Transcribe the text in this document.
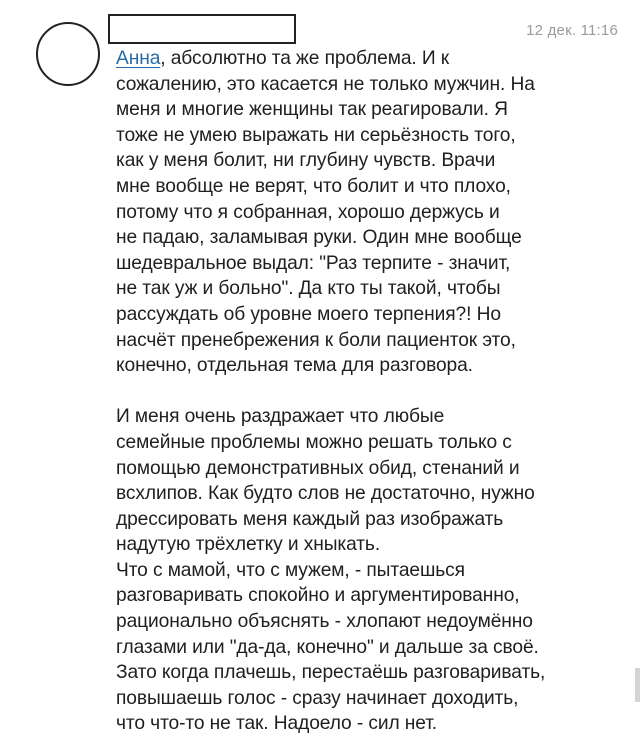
12 дек. 11:16
Анна, абсолютно та же проблема. И к
сожалению, это касается не только мужчин. На
меня и многие женщины так реагировали. Я
тоже не умею выражать ни серьёзность того,
как у меня болит, ни глубину чувств. Врачи
мне вообще не верят, что болит и что плохо,
потому что я собранная, хорошо держусь и
не падаю, заламывая руки. Один мне вообще
шедевральное выдал: "Раз терпите - значит,
не так уж и больно". Да кто ты такой, чтобы
рассуждать об уровне моего терпения?! Но
насчёт пренебрежения к боли пациенток это,
конечно, отдельная тема для разговора.
И меня очень раздражает что любые
семейные проблемы можно решать только с
помощью демонстративных обид, стенаний и
всхлипов. Как будто слов не достаточно, нужно
дрессировать меня каждый раз изображать
надутую трёхлетку и хныкать.
Что с мамой, что с мужем, - пытаешься
разговаривать спокойно и аргументированно,
рационально объяснять - хлопают недоумённо
глазами или "да-да, конечно" и дальше за своё.
Зато когда плачешь, перестаёшь разговаривать,
повышаешь голос - сразу начинает доходить,
что что-то не так. Надоело - сил нет.
